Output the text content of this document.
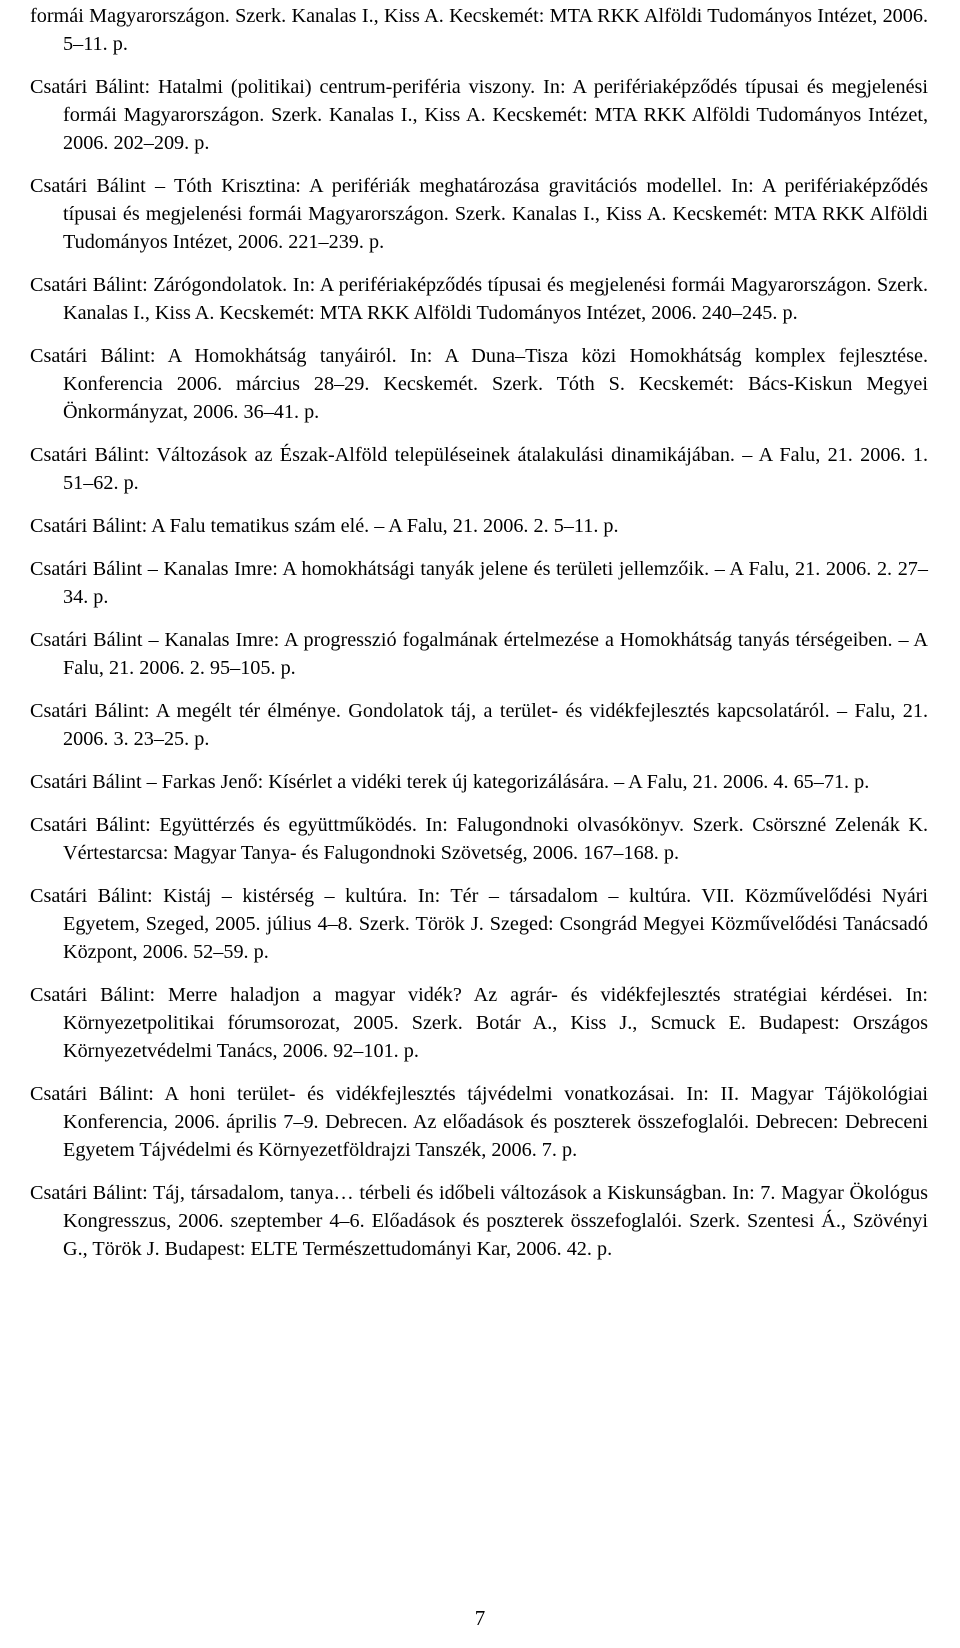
formái Magyarországon. Szerk. Kanalas I., Kiss A. Kecskemét: MTA RKK Alföldi Tudományos Intézet, 2006. 5–11. p.

Csatári Bálint: Hatalmi (politikai) centrum-periféria viszony. In: A perifériaképződés típusai és megjelenési formái Magyarországon. Szerk. Kanalas I., Kiss A. Kecskemét: MTA RKK Alföldi Tudományos Intézet, 2006. 202–209. p.

Csatári Bálint – Tóth Krisztina: A perifériák meghatározása gravitációs modellel. In: A perifériaképződés típusai és megjelenési formái Magyarországon. Szerk. Kanalas I., Kiss A. Kecskemét: MTA RKK Alföldi Tudományos Intézet, 2006. 221–239. p.

Csatári Bálint: Zárógondolatok. In: A perifériaképződés típusai és megjelenési formái Magyarországon. Szerk. Kanalas I., Kiss A. Kecskemét: MTA RKK Alföldi Tudományos Intézet, 2006. 240–245. p.

Csatári Bálint: A Homokhátság tanyáiról. In: A Duna–Tisza közi Homokhátság komplex fejlesztése. Konferencia 2006. március 28–29. Kecskemét. Szerk. Tóth S. Kecskemét: Bács-Kiskun Megyei Önkormányzat, 2006. 36–41. p.

Csatári Bálint: Változások az Észak-Alföld településeinek átalakulási dinamikájában. – A Falu, 21. 2006. 1. 51–62. p.

Csatári Bálint: A Falu tematikus szám elé. – A Falu, 21. 2006. 2. 5–11. p.

Csatári Bálint – Kanalas Imre: A homokhátsági tanyák jelene és területi jellemzőik. – A Falu, 21. 2006. 2. 27–34. p.

Csatári Bálint – Kanalas Imre: A progresszió fogalmának értelmezése a Homokhátság tanyás térségeiben. – A Falu, 21. 2006. 2. 95–105. p.

Csatári Bálint: A megélt tér élménye. Gondolatok táj, a terület- és vidékfejlesztés kapcsolatáról. – Falu, 21. 2006. 3. 23–25. p.

Csatári Bálint – Farkas Jenő: Kísérlet a vidéki terek új kategorizálására. – A Falu, 21. 2006. 4. 65–71. p.

Csatári Bálint: Együttérzés és együttműködés. In: Falugondnoki olvasókönyv. Szerk. Csörszné Zelenák K. Vértestarcsa: Magyar Tanya- és Falugondnoki Szövetség, 2006. 167–168. p.

Csatári Bálint: Kistáj – kistérség – kultúra. In: Tér – társadalom – kultúra. VII. Közművelődési Nyári Egyetem, Szeged, 2005. július 4–8. Szerk. Török J. Szeged: Csongrád Megyei Közművelődési Tanácsadó Központ, 2006. 52–59. p.

Csatári Bálint: Merre haladjon a magyar vidék? Az agrár- és vidékfejlesztés stratégiai kérdései. In: Környezetpolitikai fórumsorozat, 2005. Szerk. Botár A., Kiss J., Scmuck E. Budapest: Országos Környezetvédelmi Tanács, 2006. 92–101. p.

Csatári Bálint: A honi terület- és vidékfejlesztés tájvédelmi vonatkozásai. In: II. Magyar Tájökológiai Konferencia, 2006. április 7–9. Debrecen. Az előadások és poszterek összefoglalói. Debrecen: Debreceni Egyetem Tájvédelmi és Környezetföldrajzi Tanszék, 2006. 7. p.

Csatári Bálint: Táj, társadalom, tanya… térbeli és időbeli változások a Kiskunságban. In: 7. Magyar Ökológus Kongresszus, 2006. szeptember 4–6. Előadások és poszterek összefoglalói. Szerk. Szentesi Á., Szövényi G., Török J. Budapest: ELTE Természettudományi Kar, 2006. 42. p.

7
